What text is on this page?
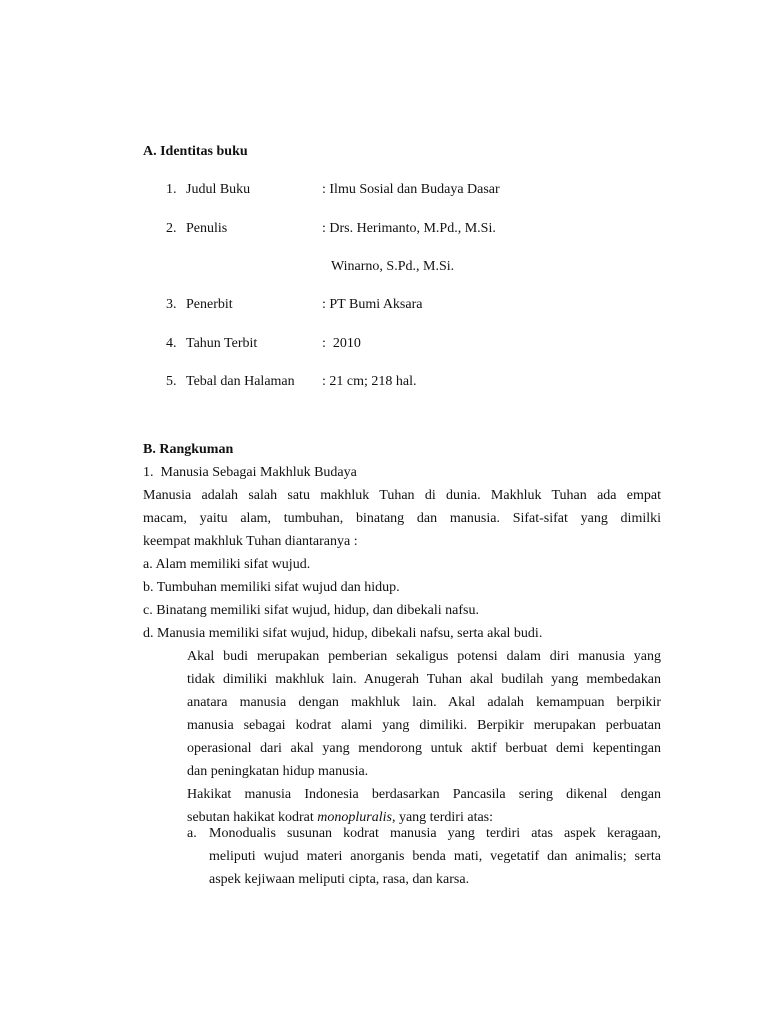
A. Identitas buku
1. Judul Buku	: Ilmu Sosial dan Budaya Dasar
2. Penulis	: Drs. Herimanto, M.Pd., M.Si.
Winarno, S.Pd., M.Si.
3. Penerbit	: PT Bumi Aksara
4. Tahun Terbit	:  2010
5. Tebal dan Halaman : 21 cm; 218 hal.
B. Rangkuman
1.  Manusia Sebagai Makhluk Budaya
Manusia adalah salah satu makhluk Tuhan di dunia. Makhluk Tuhan ada empat
macam, yaitu alam, tumbuhan, binatang dan manusia. Sifat-sifat yang dimilki
keempat makhluk Tuhan diantaranya :
a. Alam memiliki sifat wujud.
b. Tumbuhan memiliki sifat wujud dan hidup.
c. Binatang memiliki sifat wujud, hidup, dan dibekali nafsu.
d. Manusia memiliki sifat wujud, hidup, dibekali nafsu, serta akal budi.
Akal budi merupakan pemberian sekaligus potensi dalam diri manusia yang
tidak dimiliki makhluk lain. Anugerah Tuhan akal budilah yang membedakan
anatara manusia dengan makhluk lain. Akal adalah kemampuan berpikir
manusia sebagai kodrat alami yang dimiliki. Berpikir merupakan perbuatan
operasional dari akal yang mendorong untuk aktif berbuat demi kepentingan
dan peningkatan hidup manusia.
Hakikat manusia Indonesia berdasarkan Pancasila sering dikenal dengan
sebutan hakikat kodrat monopluralis, yang terdiri atas:
a. Monodualis susunan kodrat manusia yang terdiri atas aspek keragaan,
meliputi wujud materi anorganis benda mati, vegetatif dan animalis; serta
aspek kejiwaan meliputi cipta, rasa, dan karsa.
